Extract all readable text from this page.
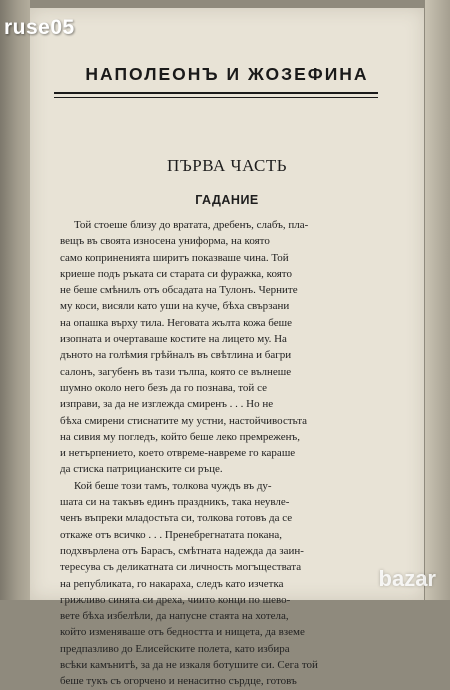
НАПОЛЕОНЪ И ЖОЗЕФИНА
ПЪРВА ЧАСТЬ
ГАДАНИЕ
Той стоеше близу до вратата, дребенъ, слабъ, пла-
вещъ въ своята износена униформа, на която
само коприненията ширитъ показваше чина. Той
криеше подъ ръката си старата си фуражка, която
не беше смѣнилъ отъ обсадата на Тулонъ. Черните
му коси, висяли като уши на куче, бѣха свързани
на опашка върху тила. Неговата жълта кожа беше
изопната и очертаваше костите на лицето му. На
дъното на голѣмия грѣйналъ въ свѣтлина и багри
салонъ, загубенъ въ тази тълпа, която се вълнеше
шумно около него безъ да го познава, той се
изправи, за да не изглежда смиренъ . . . Но не
бѣха смирени стиснатите му устни, настойчивостьта
на сивия му погледъ, който беше леко премреженъ,
и нетърпението, което отвреме-навреме го караше
да стиска патрицианските си ръце.
Кой беше този тамъ, толкова чуждъ въ ду-
шата си на такъвъ единъ праздникъ, така неувле-
ченъ въпреки младостьта си, толкова готовъ да се
откаже отъ всичко . . . Пренебрегнатата покана,
подхвърлена отъ Барасъ, смѣтната надежда да заин-
тересува съ деликатната си личность могъществата
на републиката, го накараха, следъ като изчетка
грижливо синята си дреха, чиито конци по шево-
вете бѣха избелѣли, да напусне стаята на хотела,
който изменяваше отъ бедността и нищета, да вземе
предпазливо до Елисейските полета, като избира
всѣки камънитѣ, за да не изкаля ботушите си. Сега той
беше тукъ съ огорчено и ненаситно сърдце, готовъ
ruse05
bazar
